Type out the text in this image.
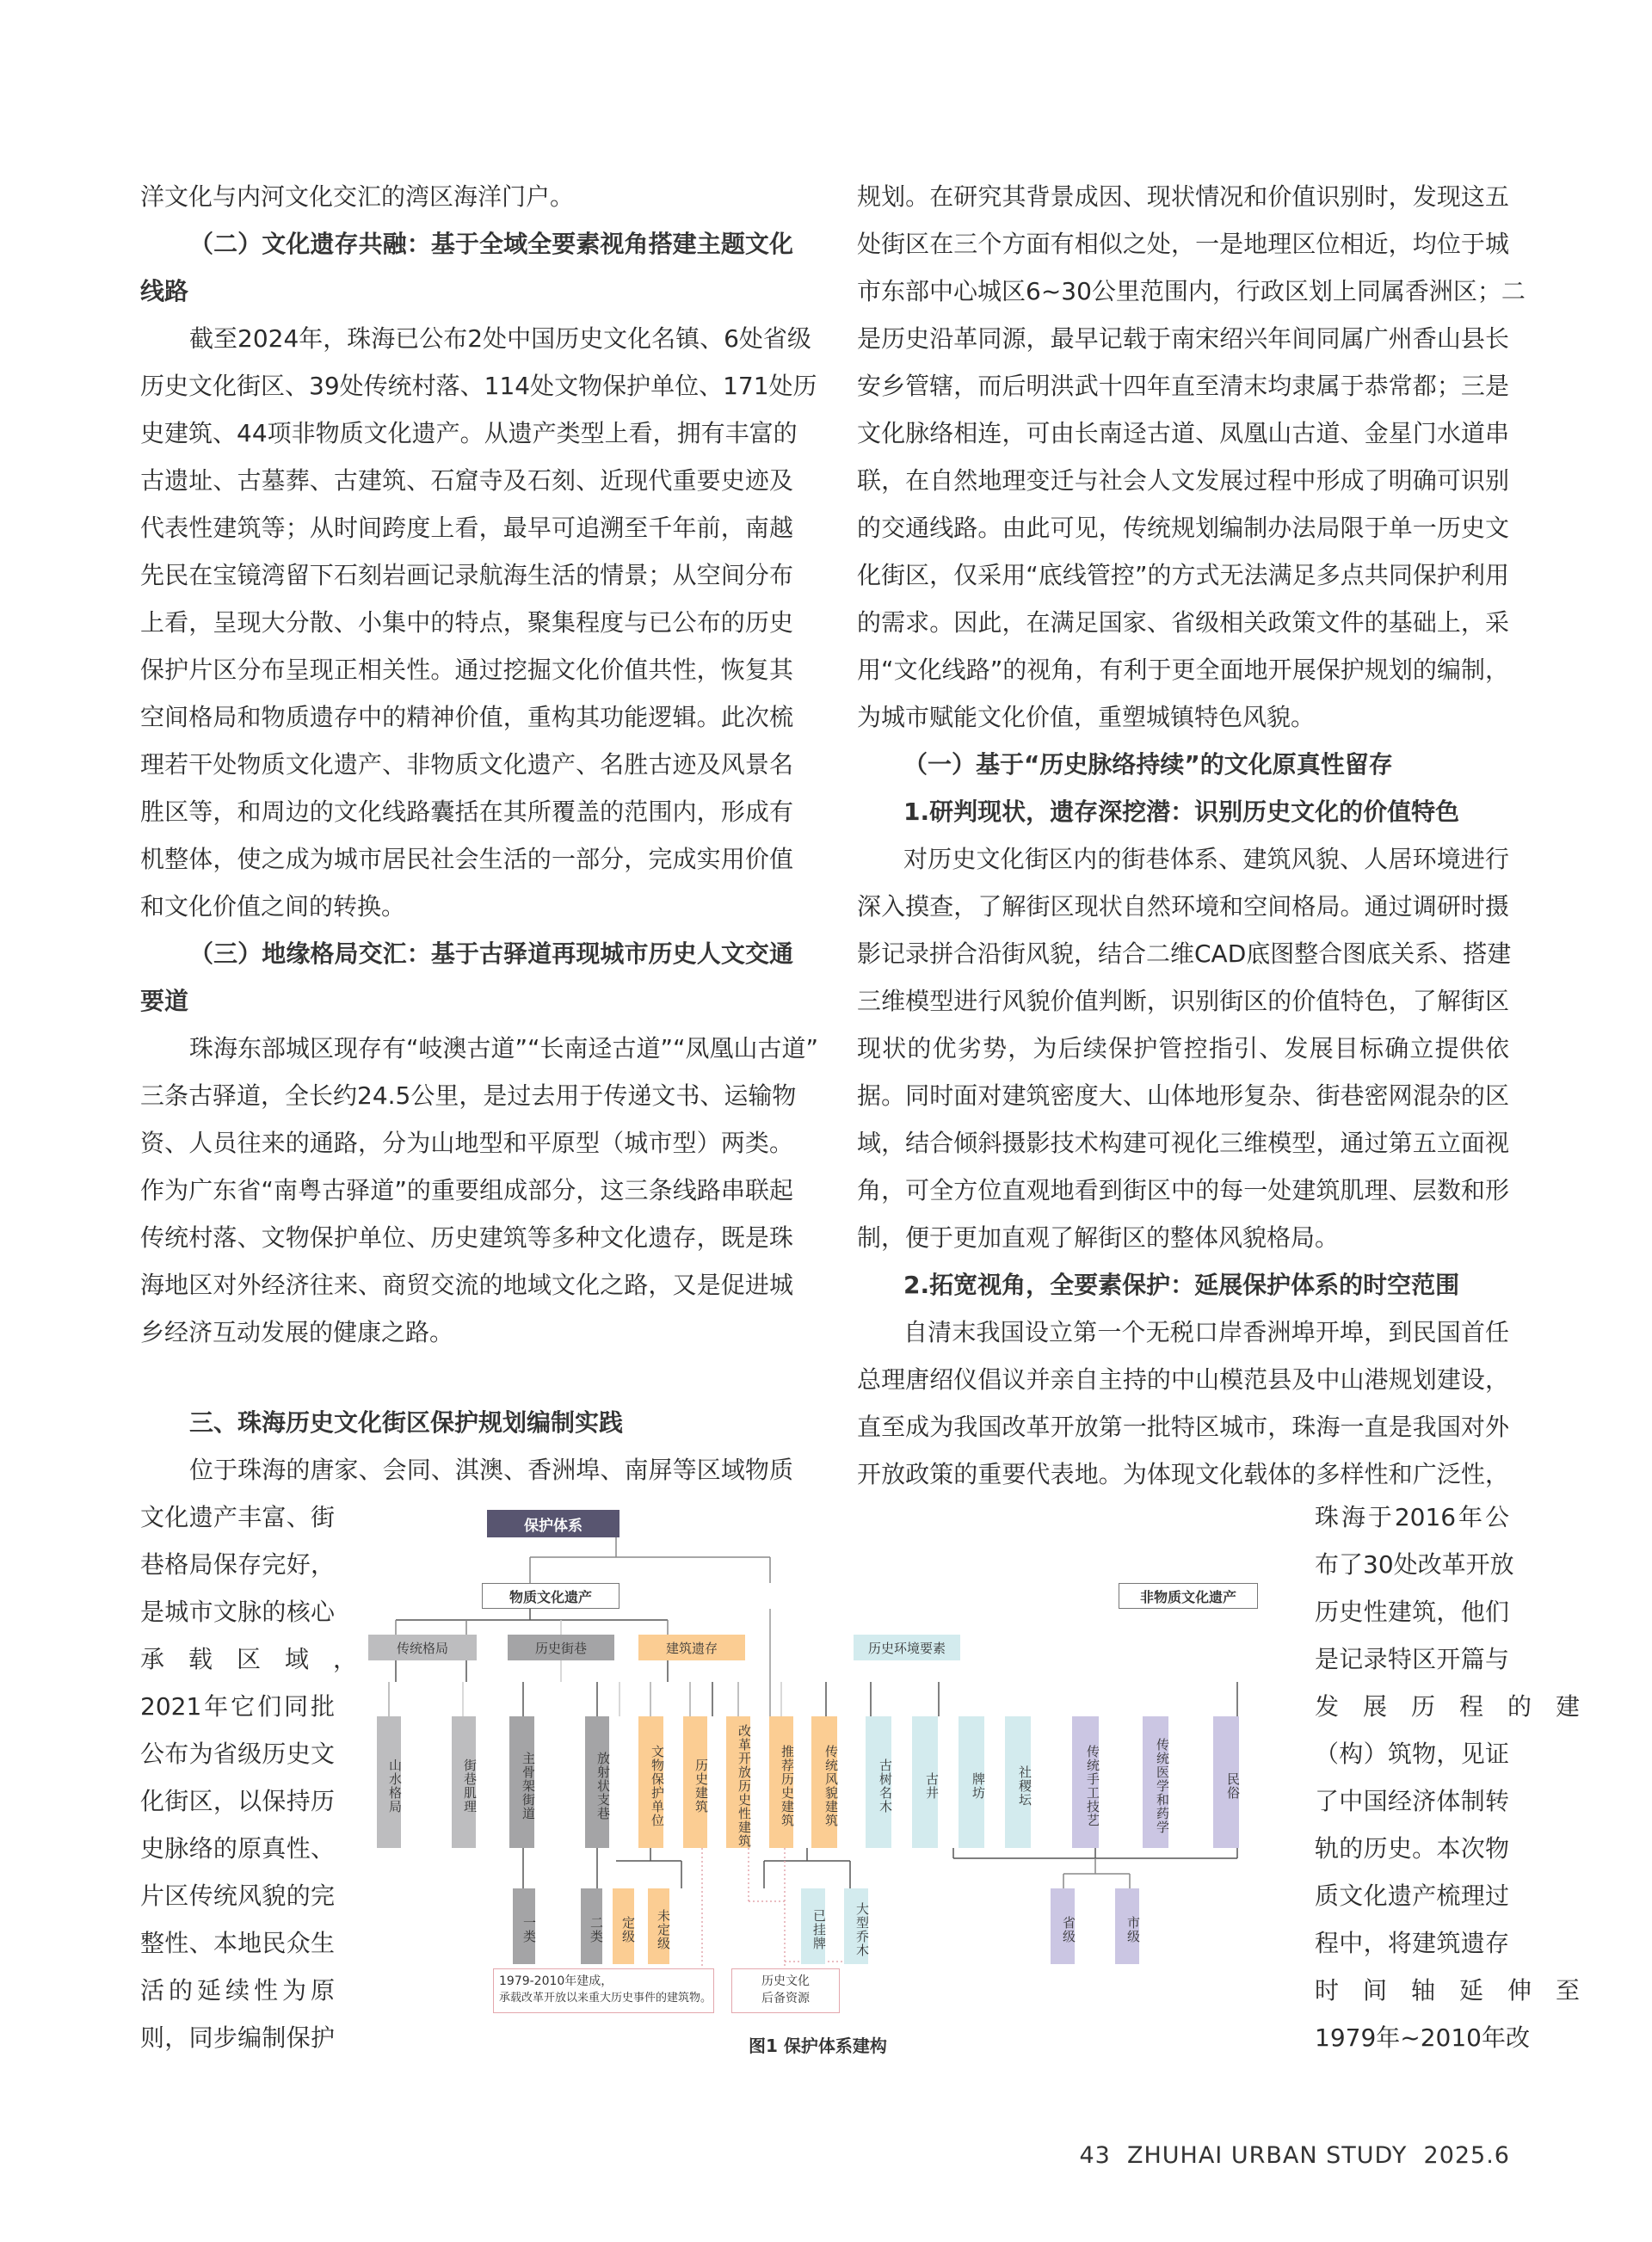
洋文化与内河文化交汇的湾区海洋门户。
（二）文化遗存共融：基于全域全要素视角搭建主题文化
线路
截至2024年，珠海已公布2处中国历史文化名镇、6处省级
历史文化街区、39处传统村落、114处文物保护单位、171处历
史建筑、44项非物质文化遗产。从遗产类型上看，拥有丰富的
古遗址、古墓葬、古建筑、石窟寺及石刻、近现代重要史迹及
代表性建筑等；从时间跨度上看，最早可追溯至千年前，南越
先民在宝镜湾留下石刻岩画记录航海生活的情景；从空间分布
上看，呈现大分散、小集中的特点，聚集程度与已公布的历史
保护片区分布呈现正相关性。通过挖掘文化价值共性，恢复其
空间格局和物质遗存中的精神价值，重构其功能逻辑。此次梳
理若干处物质文化遗产、非物质文化遗产、名胜古迹及风景名
胜区等，和周边的文化线路囊括在其所覆盖的范围内，形成有
机整体，使之成为城市居民社会生活的一部分，完成实用价值
和文化价值之间的转换。
（三）地缘格局交汇：基于古驿道再现城市历史人文交通
要道
珠海东部城区现存有“岐澳古道”“长南迳古道”“凤凰山古道”
三条古驿道，全长约24.5公里，是过去用于传递文书、运输物
资、人员往来的通路，分为山地型和平原型（城市型）两类。
作为广东省“南粤古驿道”的重要组成部分，这三条线路串联起
传统村落、文物保护单位、历史建筑等多种文化遗存，既是珠
海地区对外经济往来、商贸交流的地域文化之路，又是促进城
乡经济互动发展的健康之路。
三、珠海历史文化街区保护规划编制实践
位于珠海的唐家、会同、淇澳、香洲埠、南屏等区域物质
文化遗产丰富、街
巷格局保存完好，
是城市文脉的核心
承　载　区　域　，
2021年它们同批
公布为省级历史文
化街区，以保持历
史脉络的原真性、
片区传统风貌的完
整性、本地民众生
活的延续性为原
则，同步编制保护
规划。在研究其背景成因、现状情况和价值识别时，发现这五
处街区在三个方面有相似之处，一是地理区位相近，均位于城
市东部中心城区6~30公里范围内，行政区划上同属香洲区；二
是历史沿革同源，最早记载于南宋绍兴年间同属广州香山县长
安乡管辖，而后明洪武十四年直至清末均隶属于恭常都；三是
文化脉络相连，可由长南迳古道、凤凰山古道、金星门水道串
联，在自然地理变迁与社会人文发展过程中形成了明确可识别
的交通线路。由此可见，传统规划编制办法局限于单一历史文
化街区，仅采用“底线管控”的方式无法满足多点共同保护利用
的需求。因此，在满足国家、省级相关政策文件的基础上，采
用“文化线路”的视角，有利于更全面地开展保护规划的编制，
为城市赋能文化价值，重塑城镇特色风貌。
（一）基于“历史脉络持续”的文化原真性留存
1.研判现状，遗存深挖潜：识别历史文化的价值特色
对历史文化街区内的街巷体系、建筑风貌、人居环境进行
深入摸查，了解街区现状自然环境和空间格局。通过调研时摄
影记录拼合沿街风貌，结合二维CAD底图整合图底关系、搭建
三维模型进行风貌价值判断，识别街区的价值特色，了解街区
现状的优劣势，为后续保护管控指引、发展目标确立提供依
据。同时面对建筑密度大、山体地形复杂、街巷密网混杂的区
域，结合倾斜摄影技术构建可视化三维模型，通过第五立面视
角，可全方位直观地看到街区中的每一处建筑肌理、层数和形
制，便于更加直观了解街区的整体风貌格局。
2.拓宽视角，全要素保护：延展保护体系的时空范围
自清末我国设立第一个无税口岸香洲埠开埠，到民国首任
总理唐绍仪倡议并亲自主持的中山模范县及中山港规划建设，
直至成为我国改革开放第一批特区城市，珠海一直是我国对外
开放政策的重要代表地。为体现文化载体的多样性和广泛性，
珠海于2016年公
布了30处改革开放
历史性建筑，他们
是记录特区开篇与
发　展　历　程　的　建
（构）筑物，见证
了中国经济体制转
轨的历史。本次物
质文化遗产梳理过
程中，将建筑遗存
时　间　轴　延　伸　至
1979年~2010年改
保护体系
物质文化遗产	非物质文化遗产
传统格局	历史街巷	建筑遗存	历史环境要素
山水格局	街巷肌理	主骨架街道	放射状支巷	文物保护单位	历史建筑	改革开放历史性建筑	推荐历史建筑	传统风貌建筑	古树名木	古井	牌坊	社稷坛	传统手工技艺	传统医学和药学	民俗
一类	二类	定级	未定级	已挂牌	大型乔木	省级	市级
1979-2010年建成，
承载改革开放以来重大历史事件的建筑物。
历史文化
后备资源
图1 保护体系建构
43  ZHUHAI URBAN STUDY  2025.6
